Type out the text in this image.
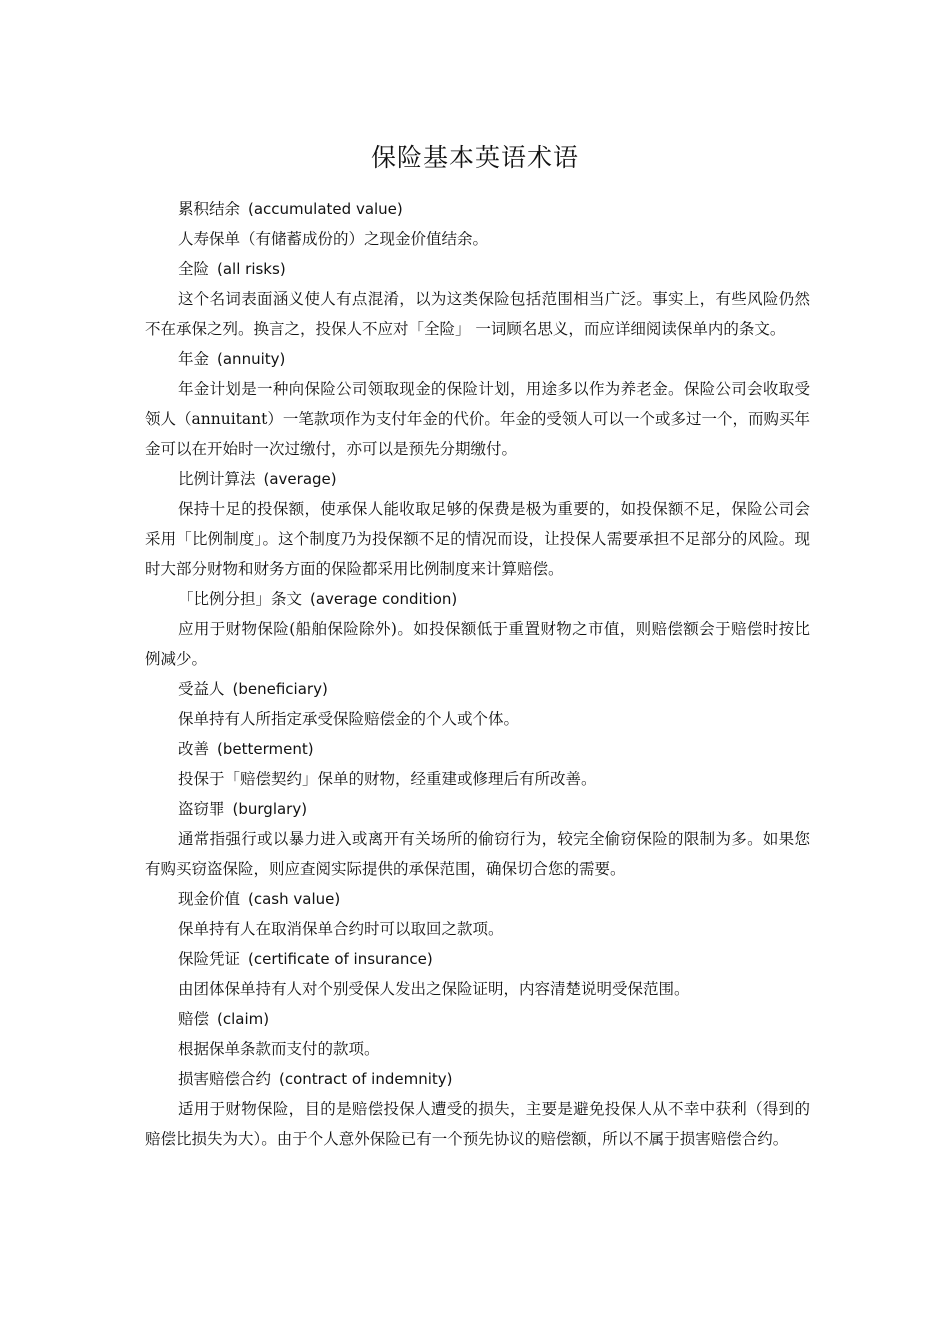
保险基本英语术语

累积结余 (accumulated value)

人寿保单（有储蓄成份的）之现金价值结余。

全险 (all risks)

这个名词表面涵义使人有点混淆，以为这类保险包括范围相当广泛。事实上，有些风险仍然不在承保之列。换言之，投保人不应对「全险」 一词顾名思义，而应详细阅读保单内的条文。

年金 (annuity)

年金计划是一种向保险公司领取现金的保险计划，用途多以作为养老金。保险公司会收取受领人（annuitant）一笔款项作为支付年金的代价。年金的受领人可以一个或多过一个，而购买年金可以在开始时一次过缴付，亦可以是预先分期缴付。

比例计算法 (average)

保持十足的投保额，使承保人能收取足够的保费是极为重要的，如投保额不足，保险公司会采用「比例制度」。这个制度乃为投保额不足的情况而设，让投保人需要承担不足部分的风险。现时大部分财物和财务方面的保险都采用比例制度来计算赔偿。

「比例分担」条文 (average condition)

应用于财物保险(船舶保险除外)。如投保额低于重置财物之市值，则赔偿额会于赔偿时按比例减少。

受益人 (beneficiary)

保单持有人所指定承受保险赔偿金的个人或个体。

改善 (betterment)

投保于「赔偿契约」保单的财物，经重建或修理后有所改善。

盗窃罪 (burglary)

通常指强行或以暴力进入或离开有关场所的偷窃行为，较完全偷窃保险的限制为多。如果您有购买窃盗保险，则应查阅实际提供的承保范围，确保切合您的需要。

现金价值 (cash value)

保单持有人在取消保单合约时可以取回之款项。

保险凭证 (certificate of insurance)

由团体保单持有人对个别受保人发出之保险证明，内容清楚说明受保范围。

赔偿 (claim)

根据保单条款而支付的款项。

损害赔偿合约 (contract of indemnity)

适用于财物保险，目的是赔偿投保人遭受的损失，主要是避免投保人从不幸中获利（得到的赔偿比损失为大）。由于个人意外保险已有一个预先协议的赔偿额，所以不属于损害赔偿合约。
